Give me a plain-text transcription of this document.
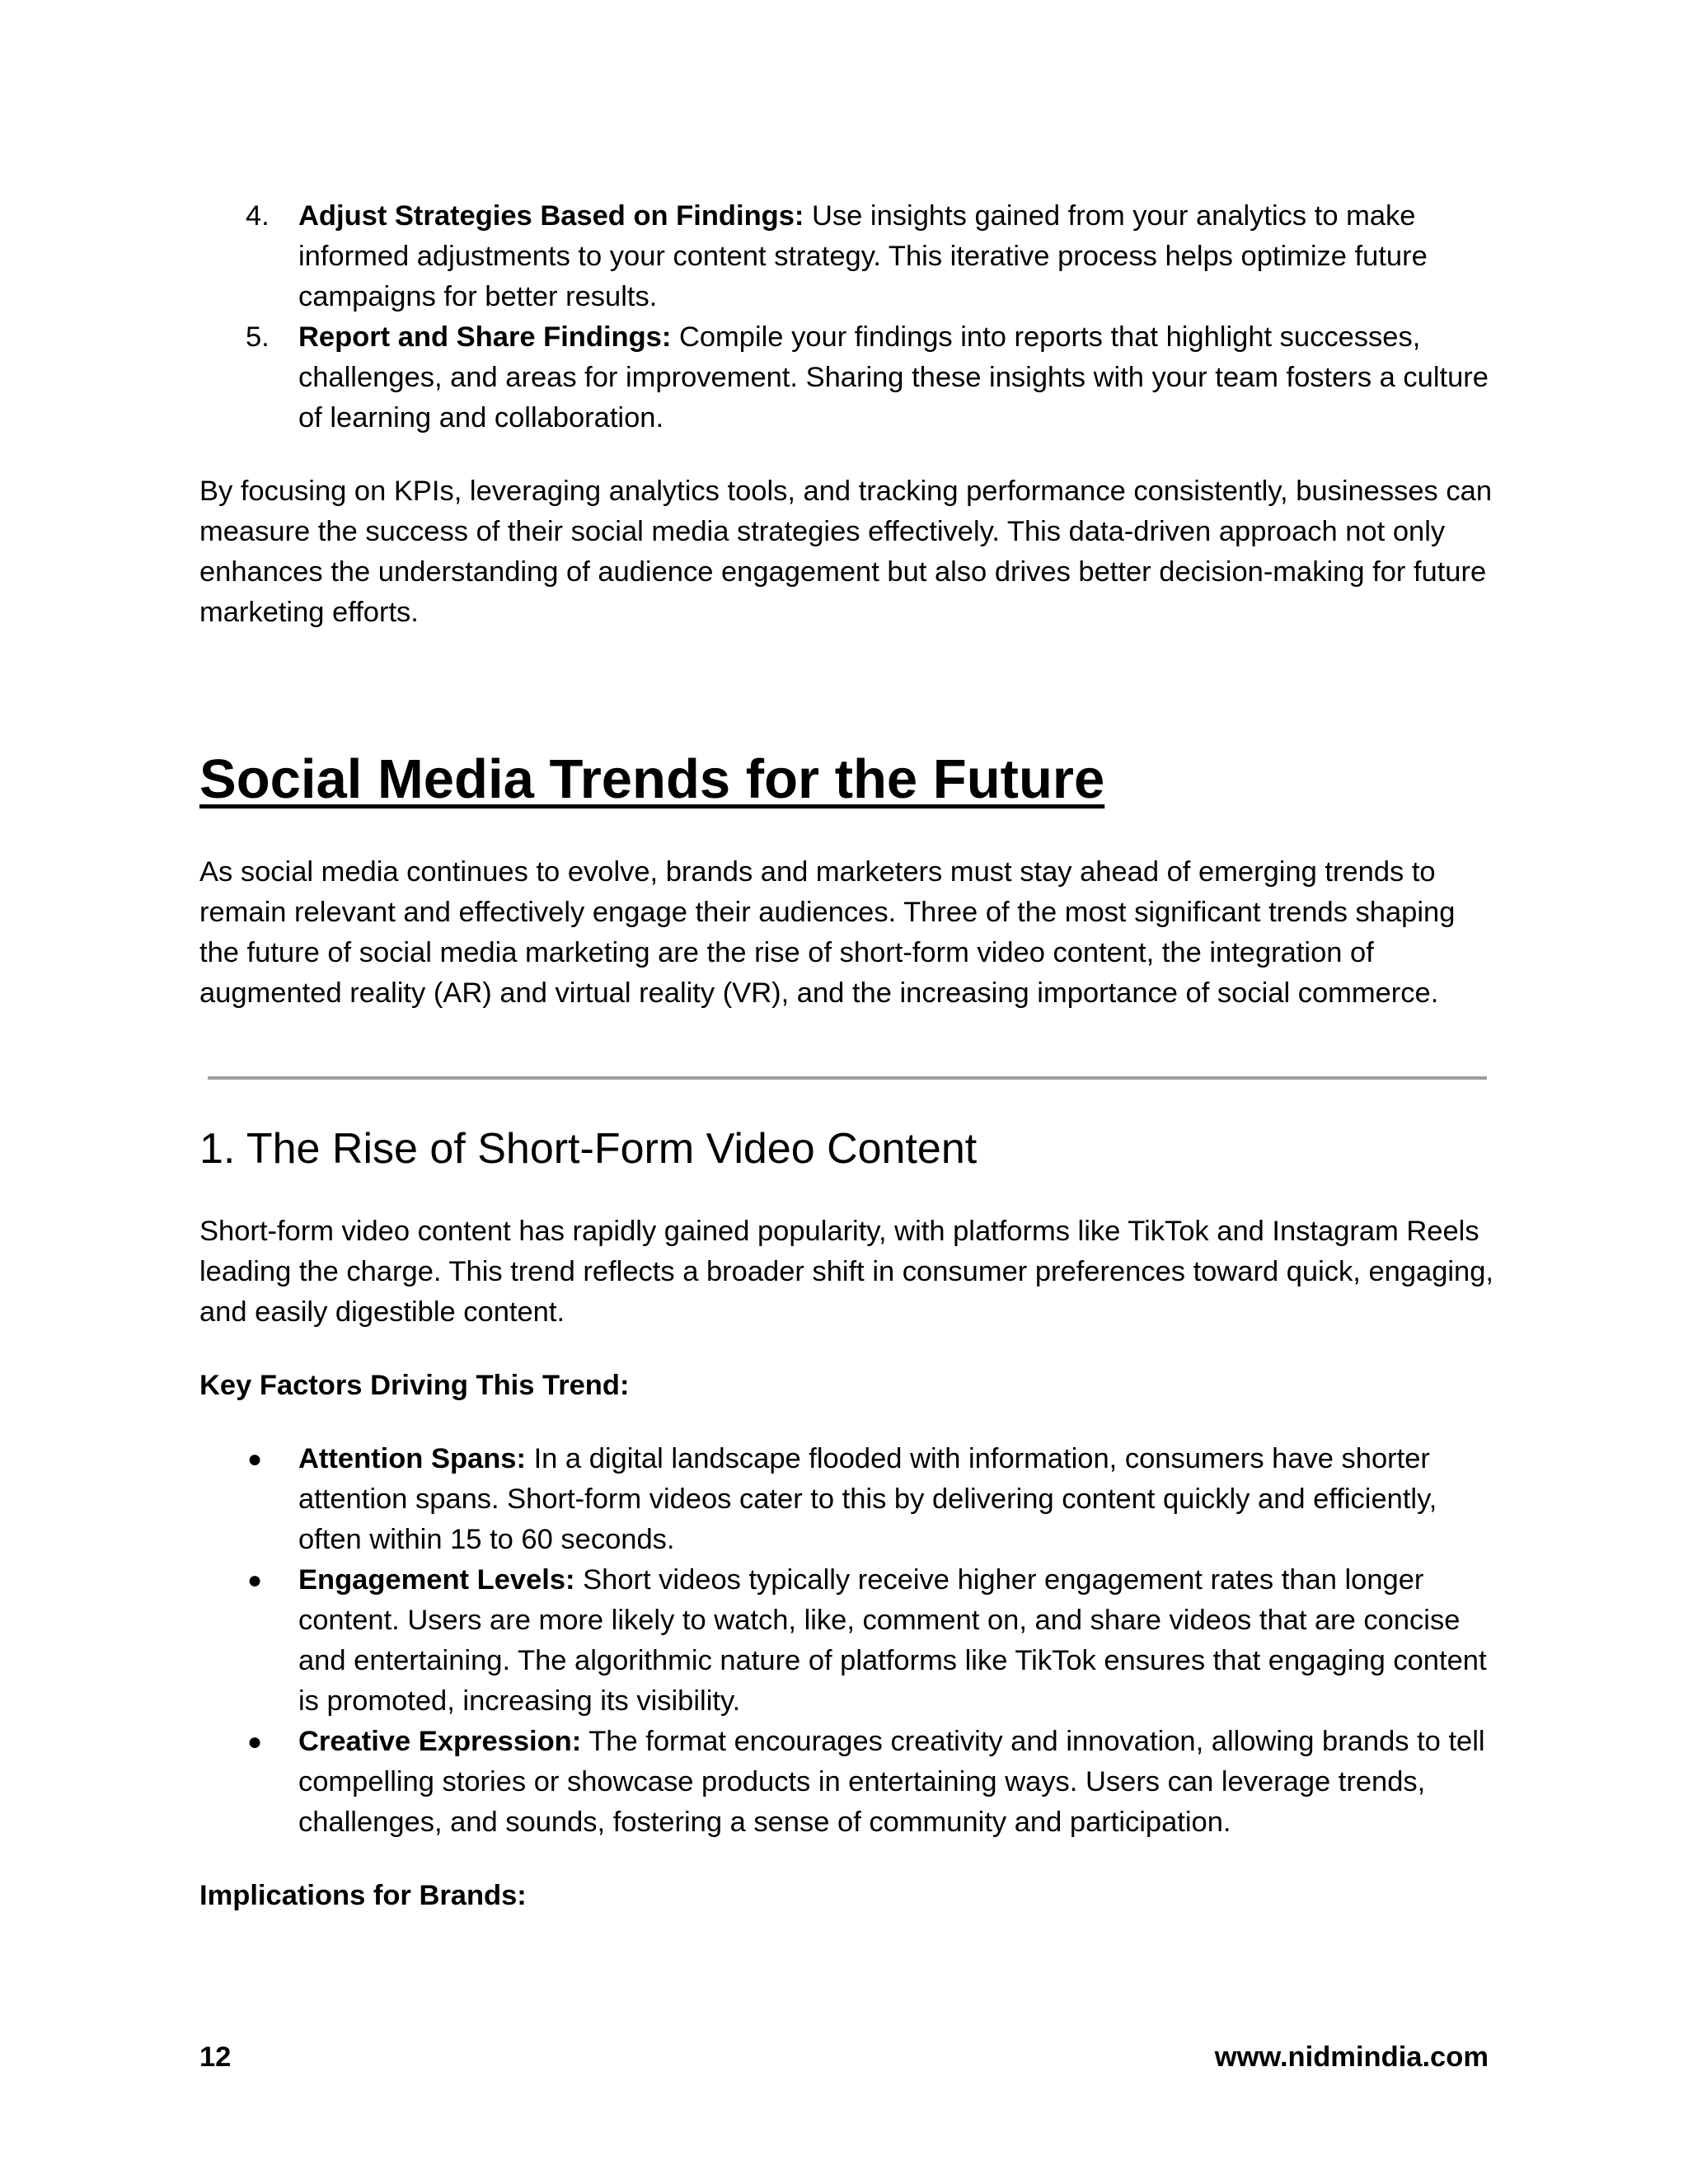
4. Adjust Strategies Based on Findings: Use insights gained from your analytics to make informed adjustments to your content strategy. This iterative process helps optimize future campaigns for better results.
5. Report and Share Findings: Compile your findings into reports that highlight successes, challenges, and areas for improvement. Sharing these insights with your team fosters a culture of learning and collaboration.

By focusing on KPIs, leveraging analytics tools, and tracking performance consistently, businesses can measure the success of their social media strategies effectively. This data-driven approach not only enhances the understanding of audience engagement but also drives better decision-making for future marketing efforts.

Social Media Trends for the Future

As social media continues to evolve, brands and marketers must stay ahead of emerging trends to remain relevant and effectively engage their audiences. Three of the most significant trends shaping the future of social media marketing are the rise of short-form video content, the integration of augmented reality (AR) and virtual reality (VR), and the increasing importance of social commerce.

1. The Rise of Short-Form Video Content

Short-form video content has rapidly gained popularity, with platforms like TikTok and Instagram Reels leading the charge. This trend reflects a broader shift in consumer preferences toward quick, engaging, and easily digestible content.

Key Factors Driving This Trend:

● Attention Spans: In a digital landscape flooded with information, consumers have shorter attention spans. Short-form videos cater to this by delivering content quickly and efficiently, often within 15 to 60 seconds.
● Engagement Levels: Short videos typically receive higher engagement rates than longer content. Users are more likely to watch, like, comment on, and share videos that are concise and entertaining. The algorithmic nature of platforms like TikTok ensures that engaging content is promoted, increasing its visibility.
● Creative Expression: The format encourages creativity and innovation, allowing brands to tell compelling stories or showcase products in entertaining ways. Users can leverage trends, challenges, and sounds, fostering a sense of community and participation.

Implications for Brands:

12	www.nidmindia.com
